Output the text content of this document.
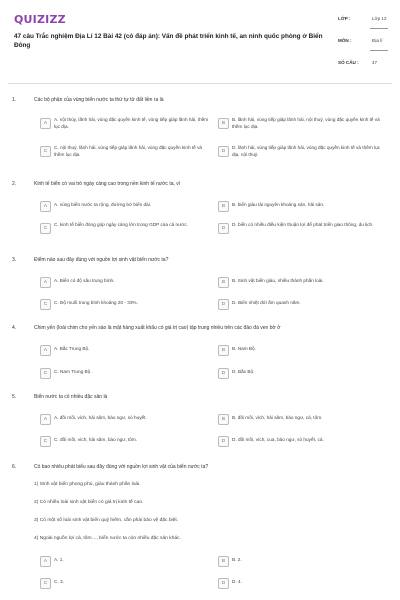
QUIZIZZ
47 câu Trắc nghiệm Địa Lí 12 Bài 42 (có đáp án): Vấn đề phát triển kinh tế, an ninh quốc phòng ở Biển Đông
LỚP :	Lớp 12
MÔN :	Địa lí
SỐ CÂU :	47
1.	Các bộ phận của vùng biển nước ta thứ tự từ đất liền ra là
A
A. nội thủy, lãnh hải, vùng đặc quyền kinh tế, vùng tiếp giáp lãnh hải, thềm lục địa.
B
B. lãnh hải, vùng tiếp giáp lãnh hải, nội thuỷ, vùng đặc quyền kinh tế và thềm lục địa.
C
C. nội thuỷ, lãnh hải, vùng tiếp giáp lãnh hải, vùng đặc quyền kinh tế và thềm lục địa.
D
D. lãnh hải, vùng tiếp giáp lãnh hải, vùng đặc quyền kinh tế và thềm lục địa, nội thuỷ.
2.	Kinh tế biển có vai trò ngày càng cao trong nền kinh tế nước ta, vì
A	A. vùng biển nước ta rộng, đường bờ biển dài.	B	B. biển giàu tài nguyên khoáng sản, hải sản.
C
C. kinh tế biển đóng góp ngày càng lớn trong GDP của cả nước.
D
D. biển có nhiều điều kiện thuận lợi để phát triển giao thông, du lịch.
3.	Điểm nào sau đây đúng với nguồn lợi sinh vật biển nước ta?
A	A. Biển có độ sâu trung bình.	B	B. Sinh vật biển giàu, nhiều thành phần loài.
C	C. Độ muối trung bình khoảng 20 - 33%.	D	D. Biển nhiệt đới ấm quanh năm.
4.	Chim yến (loài chim cho yến sào là mặt hàng xuất khẩu có giá trị cao) tập trung nhiều trên các đảo đá ven bờ ở
A	A. Bắc Trung Bộ.	B	B. Nam Bộ.
C	C. Nam Trung Bộ.	D	D. Bắc Bộ.
5.	Biển nước ta có nhiều đặc sản là
A	A. đồi mồi, vích, hải sâm, bào ngư, sò huyết.	B	B. đồi mồi, vích, hải sâm, bào ngư, cá, tôm.
C	C. đồi mồi, vích, hải sâm, bào ngư, tôm.	D	D. đồi mồi, vích, cua, bào ngư, sò huyết, cá.
6.	Có bao nhiêu phát biểu sau đây đúng với nguồn lợi sinh vật của biển nước ta?
1) Sinh vật biển phong phú, giàu thành phần loài.
2) Có nhiều loài sinh vật biển có giá trị kinh tế cao.
3) Có một số loài sinh vật biển quý hiếm, cần phải bảo vệ đặc biệt.
4) Ngoài nguồn lợi cá, tôm…, biển nước ta còn nhiều đặc sản khác.
A	A. 1.	B	B. 2.
C	C. 3.	D	D. 4.
